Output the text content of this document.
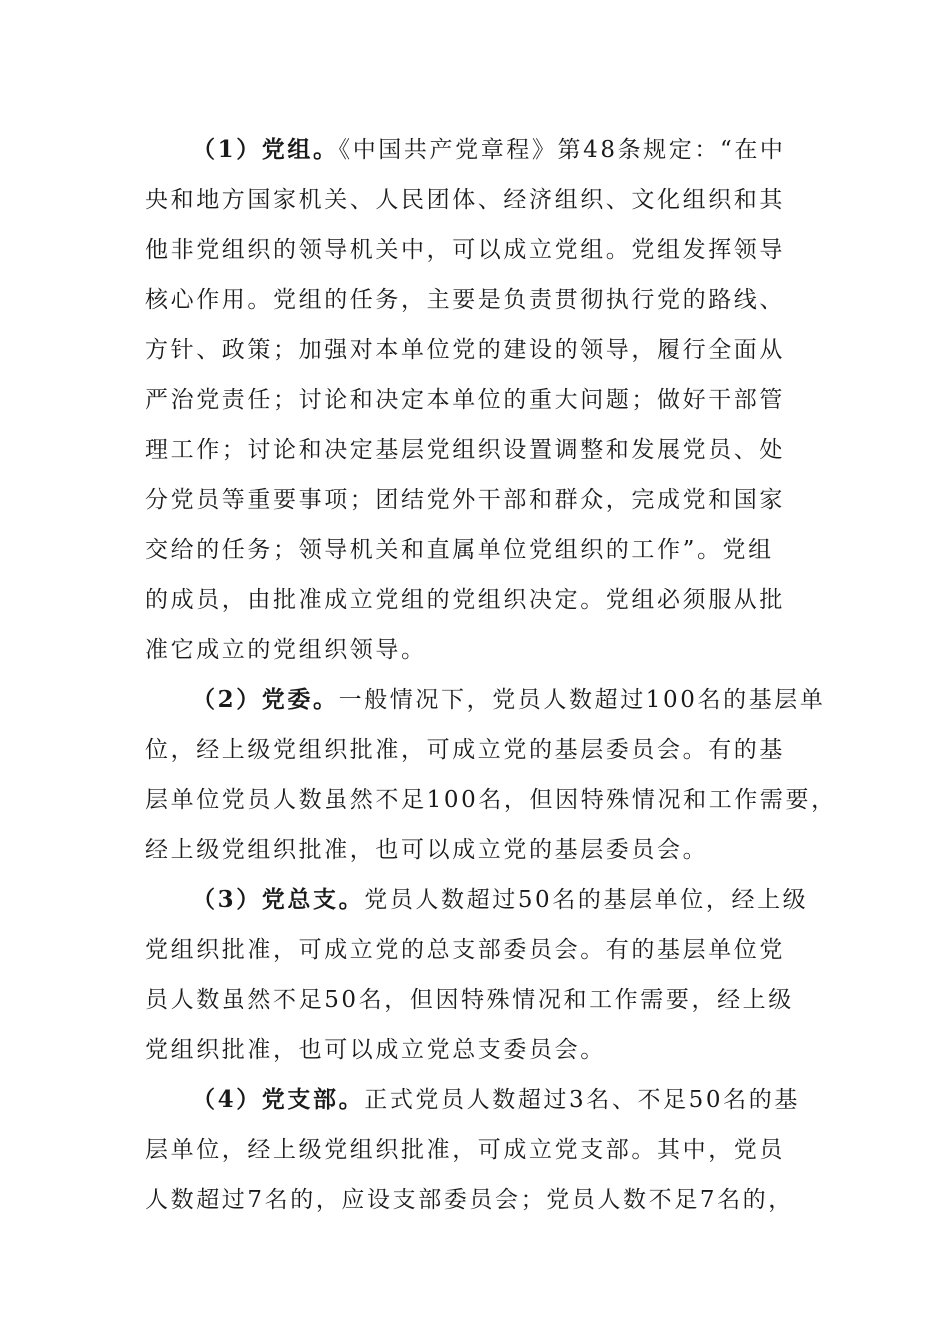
（1）党组。《中国共产党章程》第48条规定：“在中
央和地方国家机关、人民团体、经济组织、文化组织和其
他非党组织的领导机关中，可以成立党组。党组发挥领导
核心作用。党组的任务，主要是负责贯彻执行党的路线、
方针、政策；加强对本单位党的建设的领导，履行全面从
严治党责任；讨论和决定本单位的重大问题；做好干部管
理工作；讨论和决定基层党组织设置调整和发展党员、处
分党员等重要事项；团结党外干部和群众，完成党和国家
交给的任务；领导机关和直属单位党组织的工作”。党组
的成员，由批准成立党组的党组织决定。党组必须服从批
准它成立的党组织领导。
（2）党委。一般情况下，党员人数超过100名的基层单
位，经上级党组织批准，可成立党的基层委员会。有的基
层单位党员人数虽然不足100名，但因特殊情况和工作需要，
经上级党组织批准，也可以成立党的基层委员会。
（3）党总支。党员人数超过50名的基层单位，经上级
党组织批准，可成立党的总支部委员会。有的基层单位党
员人数虽然不足50名，但因特殊情况和工作需要，经上级
党组织批准，也可以成立党总支委员会。
（4）党支部。正式党员人数超过3名、不足50名的基
层单位，经上级党组织批准，可成立党支部。其中，党员
人数超过7名的，应设支部委员会；党员人数不足7名的，
